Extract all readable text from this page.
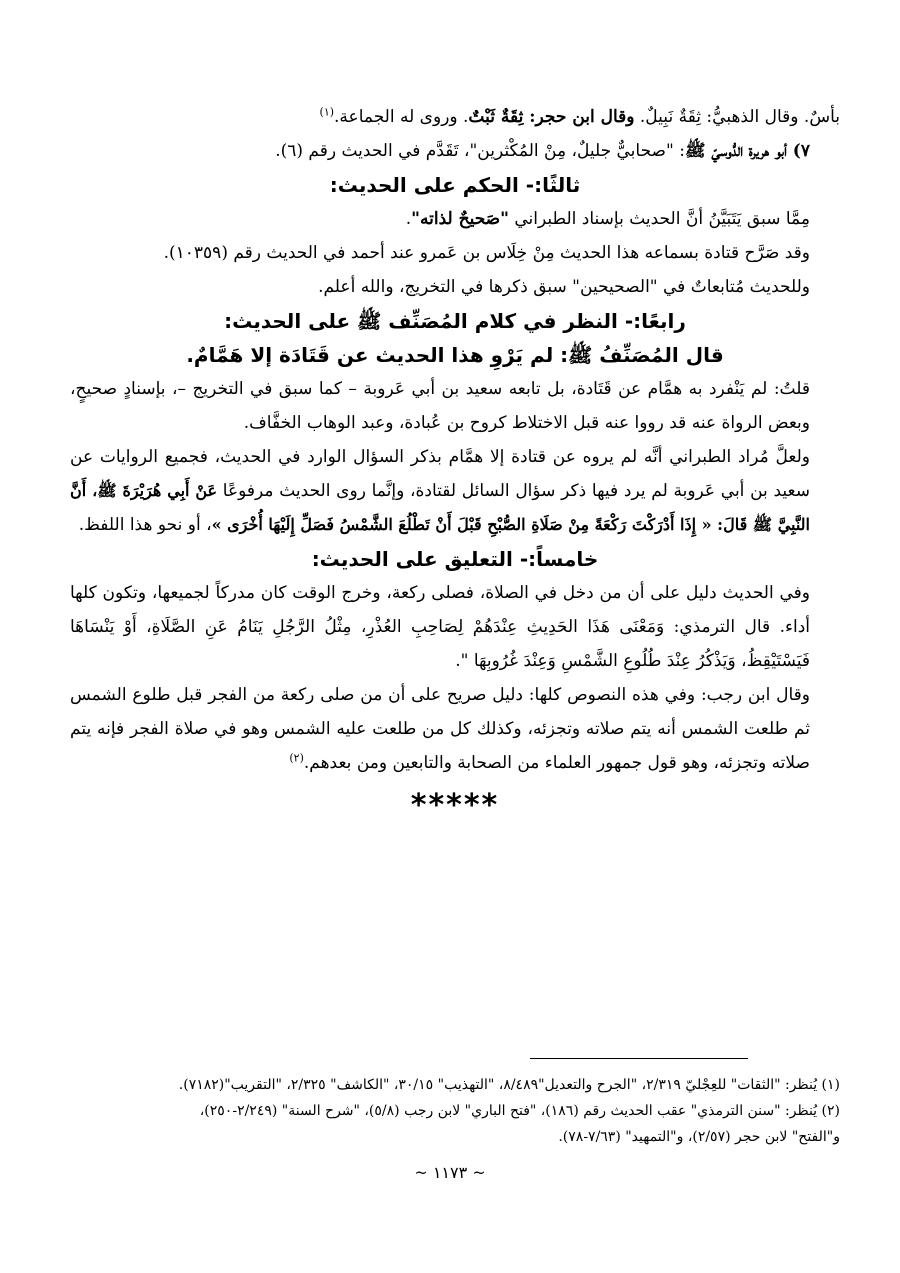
بأسٌ. وقال الذهبيُّ: ثِقَةٌ نَبِيلٌ. وقال ابن حجر: ثِقَةٌ ثَبْتٌ. وروى له الجماعة.$^{(١)}$
٧) أبو هريرة الدُّوسيّ ﷺ: "صحابيٌّ جليلٌ، مِنْ المُكْثرين"، تَقَدَّم في الحديث رقم (٦).
ثالثًا:- الحكم على الحديث:
مِمَّا سبق يَتَبَيَّنُ أنَّ الحديث بإسناد الطبراني "صَحيحٌ لذاته".
وقد صَرَّح قتادة بسماعه هذا الحديث مِنْ خِلَاس بن عَمرو عند أحمد في الحديث رقم (١٠٣٥٩).
وللحديث مُتابعاتٌ في "الصحيحين" سبق ذكرها في التخريج، والله أعلم.
رابعًا:- النظر في كلام المُصَنِّف ﷺ على الحديث:
قال المُصَنِّفُ ﷺ: لم يَرْوِ هذا الحديث عن قَتَادَة إلا هَمَّامٌ.
قلتُ: لم يَنْفرد به همَّام عن قَتَادة، بل تابعه سعيد بن أبي عَروبة – كما سبق في التخريج –، بإسنادٍ صحيحٍ، وبعض الرواة عنه قد رووا عنه قبل الاختلاط كروح بن عُبادة، وعبد الوهاب الخفَّاف.
ولعلَّ مُراد الطبراني أنَّه لم يروه عن قتادة إلا همَّام بذكر السؤال الوارد في الحديث، فجميع الروايات عن سعيد بن أبي عَروبة لم يرد فيها ذكر سؤال السائل لقتادة، وإنَّما روى الحديث مرفوعًا عَنْ أَبِي هُرَيْرَةَ ﷺ، أَنَّ النَّبِيَّ ﷺ قَالَ: « إِذَا أَدْرَكْتَ رَكْعَةً مِنْ صَلَاةِ الصُّبْحِ قَبْلَ أَنْ تَطْلُعَ الشَّمْسُ فَصَلِّ إِلَيْهَا أُخْرَى »، أو نحو هذا اللفظ.
خامساً:- التعليق على الحديث:
وفي الحديث دليل على أن من دخل في الصلاة، فصلى ركعة، وخرج الوقت كان مدركاً لجميعها، وتكون كلها أداء. قال الترمذي: وَمَعْنَى هَذَا الحَدِيثِ عِنْدَهُمْ لِصَاحِبِ العُذْرِ، مِثْلُ الرَّجُلِ يَنَامُ عَنِ الصَّلَاةِ، أَوْ يَنْسَاهَا فَيَسْتَيْقِظُ، وَيَذْكُرُ عِنْدَ طُلُوعِ الشَّمْسِ وَعِنْدَ غُرُوبِهَا ".
وقال ابن رجب: وفي هذه النصوص كلها: دليل صريح على أن من صلى ركعة من الفجر قبل طلوع الشمس ثم طلعت الشمس أنه يتم صلاته وتجزئه، وكذلك كل من طلعت عليه الشمس وهو في صلاة الفجر فإنه يتم صلاته وتجزئه، وهو قول جمهور العلماء من الصحابة والتابعين ومن بعدهم.$^{(٢)}$
*****
(١) يُنظر: "الثقات" للعِجْليّ ٢/٣١٩، "الجرح والتعديل"٨/٤٨٩، "التهذيب" ٣٠/١٥، "الكاشف" ٢/٣٢٥، "التقريب"(٧١٨٢).
(٢) يُنظر: "سنن الترمذي" عقب الحديث رقم (١٨٦)، "فتح الباري" لابن رجب (٥/٨)، "شرح السنة" (٢/٢٤٩-٢٥٠)،
و"الفتح" لابن حجر (٢/٥٧)، و"التمهيد" (٧/٦٣-٧٨).
~ ١١٧٣ ~
